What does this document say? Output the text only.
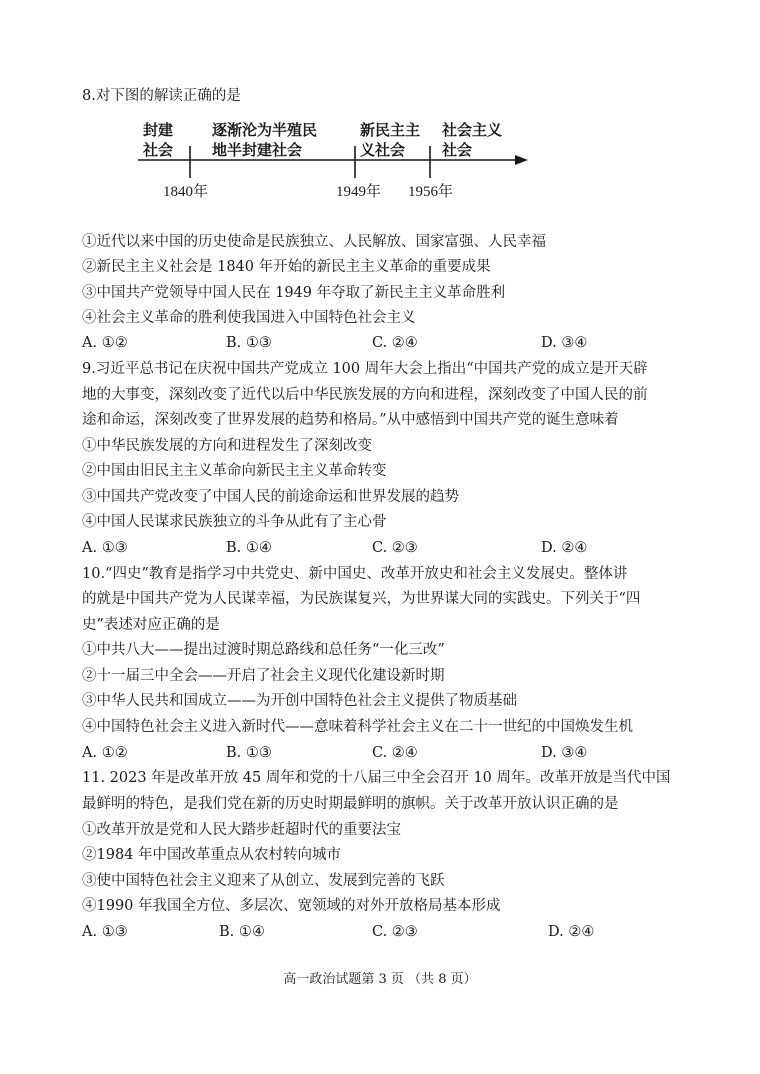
8.对下图的解读正确的是
封建
社会
逐渐沦为半殖民
地半封建社会
新民主主
义社会
社会主义
社会
1840年	1949年 1956年
①近代以来中国的历史使命是民族独立、人民解放、国家富强、人民幸福
②新民主主义社会是 1840 年开始的新民主主义革命的重要成果
③中国共产党领导中国人民在 1949 年夺取了新民主主义革命胜利
④社会主义革命的胜利使我国进入中国特色社会主义
A. ①②	B. ①③	C. ②④	D. ③④
9.习近平总书记在庆祝中国共产党成立 100 周年大会上指出“中国共产党的成立是开天辟
地的大事变，深刻改变了近代以后中华民族发展的方向和进程，深刻改变了中国人民的前
途和命运，深刻改变了世界发展的趋势和格局。”从中感悟到中国共产党的诞生意味着
①中华民族发展的方向和进程发生了深刻改变
②中国由旧民主主义革命向新民主主义革命转变
③中国共产党改变了中国人民的前途命运和世界发展的趋势
④中国人民谋求民族独立的斗争从此有了主心骨
A. ①③	B. ①④	C. ②③	D. ②④
10.“四史”教育是指学习中共党史、新中国史、改革开放史和社会主义发展史。整体讲
的就是中国共产党为人民谋幸福，为民族谋复兴，为世界谋大同的实践史。下列关于“四
史”表述对应正确的是
①中共八大——提出过渡时期总路线和总任务“一化三改”
②十一届三中全会——开启了社会主义现代化建设新时期
③中华人民共和国成立——为开创中国特色社会主义提供了物质基础
④中国特色社会主义进入新时代——意味着科学社会主义在二十一世纪的中国焕发生机
A. ①②	B. ①③	C. ②④	D. ③④
11. 2023 年是改革开放 45 周年和党的十八届三中全会召开 10 周年。改革开放是当代中国
最鲜明的特色，是我们党在新的历史时期最鲜明的旗帜。关于改革开放认识正确的是
①改革开放是党和人民大踏步赶超时代的重要法宝
②1984 年中国改革重点从农村转向城市
③使中国特色社会主义迎来了从创立、发展到完善的飞跃
④1990 年我国全方位、多层次、宽领域的对外开放格局基本形成
A. ①③	B. ①④	C. ②③	D. ②④
高一政治试题第 3 页 （共 8 页）
